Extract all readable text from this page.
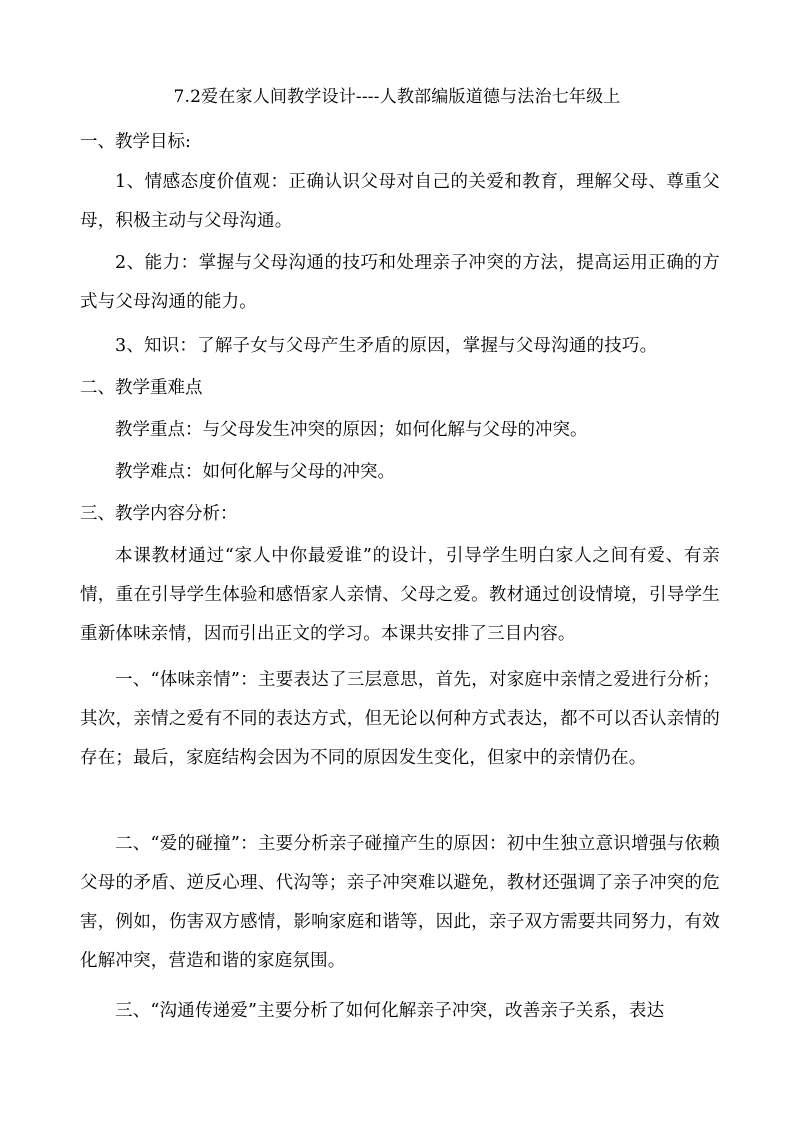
7.2爱在家人间教学设计----人教部编版道德与法治七年级上
一、教学目标:
1、情感态度价值观：正确认识父母对自己的关爱和教育，理解父母、尊重父母，积极主动与父母沟通。
2、能力：掌握与父母沟通的技巧和处理亲子冲突的方法，提高运用正确的方式与父母沟通的能力。
3、知识：了解子女与父母产生矛盾的原因，掌握与父母沟通的技巧。
二、教学重难点
教学重点：与父母发生冲突的原因；如何化解与父母的冲突。
教学难点：如何化解与父母的冲突。
三、教学内容分析：
本课教材通过“家人中你最爱谁”的设计，引导学生明白家人之间有爱、有亲情，重在引导学生体验和感悟家人亲情、父母之爱。教材通过创设情境，引导学生重新体味亲情，因而引出正文的学习。本课共安排了三目内容。
一、“体味亲情”：主要表达了三层意思，首先，对家庭中亲情之爱进行分析；其次，亲情之爱有不同的表达方式，但无论以何种方式表达，都不可以否认亲情的存在；最后，家庭结构会因为不同的原因发生变化，但家中的亲情仍在。
二、“爱的碰撞”：主要分析亲子碰撞产生的原因：初中生独立意识增强与依赖父母的矛盾、逆反心理、代沟等；亲子冲突难以避免，教材还强调了亲子冲突的危害，例如，伤害双方感情，影响家庭和谐等，因此，亲子双方需要共同努力，有效化解冲突，营造和谐的家庭氛围。
三、“沟通传递爱”主要分析了如何化解亲子冲突，改善亲子关系，表达
